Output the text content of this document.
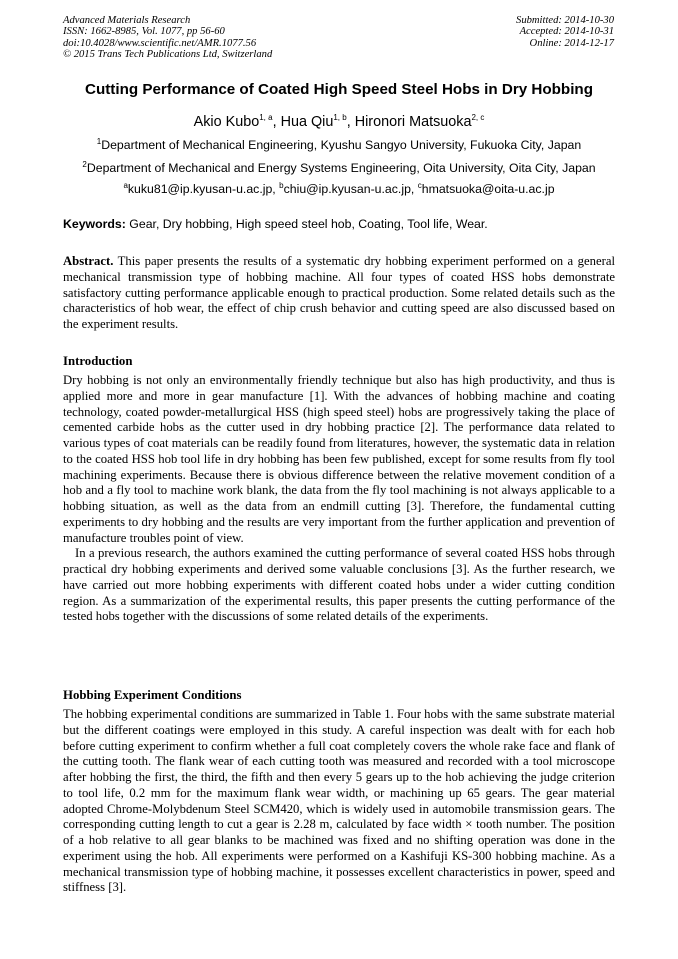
Advanced Materials Research
ISSN: 1662-8985, Vol. 1077, pp 56-60
doi:10.4028/www.scientific.net/AMR.1077.56
© 2015 Trans Tech Publications Ltd, Switzerland
Submitted: 2014-10-30
Accepted: 2014-10-31
Online: 2014-12-17
Cutting Performance of Coated High Speed Steel Hobs in Dry Hobbing
Akio Kubo$^{1, a}$, Hua Qiu$^{1, b}$, Hironori Matsuoka$^{2, c}$
$^1$Department of Mechanical Engineering, Kyushu Sangyo University, Fukuoka City, Japan
$^2$Department of Mechanical and Energy Systems Engineering, Oita University, Oita City, Japan
$^a$kuku81@ip.kyusan-u.ac.jp, $^b$chiu@ip.kyusan-u.ac.jp, $^c$hmatsuoka@oita-u.ac.jp
Keywords: Gear, Dry hobbing, High speed steel hob, Coating, Tool life, Wear.

Abstract. This paper presents the results of a systematic dry hobbing experiment performed on a general mechanical transmission type of hobbing machine. All four types of coated HSS hobs demonstrate satisfactory cutting performance applicable enough to practical production. Some related details such as the characteristics of hob wear, the effect of chip crush behavior and cutting speed are also discussed based on the experiment results.

Introduction

Dry hobbing is not only an environmentally friendly technique but also has high productivity, and thus is applied more and more in gear manufacture [1]. With the advances of hobbing machine and coating technology, coated powder-metallurgical HSS (high speed steel) hobs are progressively taking the place of cemented carbide hobs as the cutter used in dry hobbing practice [2]. The performance data related to various types of coat materials can be readily found from literatures, however, the systematic data in relation to the coated HSS hob tool life in dry hobbing has been few published, except for some results from fly tool machining experiments. Because there is obvious difference between the relative movement condition of a hob and a fly tool to machine work blank, the data from the fly tool machining is not always applicable to a hobbing situation, as well as the data from an endmill cutting [3]. Therefore, the fundamental cutting experiments to dry hobbing and the results are very important from the further application and prevention of manufacture troubles point of view.

In a previous research, the authors examined the cutting performance of several coated HSS hobs through practical dry hobbing experiments and derived some valuable conclusions [3]. As the further research, we have carried out more hobbing experiments with different coated hobs under a wider cutting condition region. As a summarization of the experimental results, this paper presents the cutting performance of the tested hobs together with the discussions of some related details of the experiments.

Hobbing Experiment Conditions

The hobbing experimental conditions are summarized in Table 1. Four hobs with the same substrate material but the different coatings were employed in this study. A careful inspection was dealt with for each hob before cutting experiment to confirm whether a full coat completely covers the whole rake face and flank of the cutting tooth. The flank wear of each cutting tooth was measured and recorded with a tool microscope after hobbing the first, the third, the fifth and then every 5 gears up to the hob achieving the judge criterion to tool life, 0.2 mm for the maximum flank wear width, or machining up 65 gears. The gear material adopted Chrome-Molybdenum Steel SCM420, which is widely used in automobile transmission gears. The corresponding cutting length to cut a gear is 2.28 m, calculated by face width × tooth number. The position of a hob relative to all gear blanks to be machined was fixed and no shifting operation was done in the experiment using the hob. All experiments were performed on a Kashifuji KS-300 hobbing machine. As a mechanical transmission type of hobbing machine, it possesses excellent characteristics in power, speed and stiffness [3].
